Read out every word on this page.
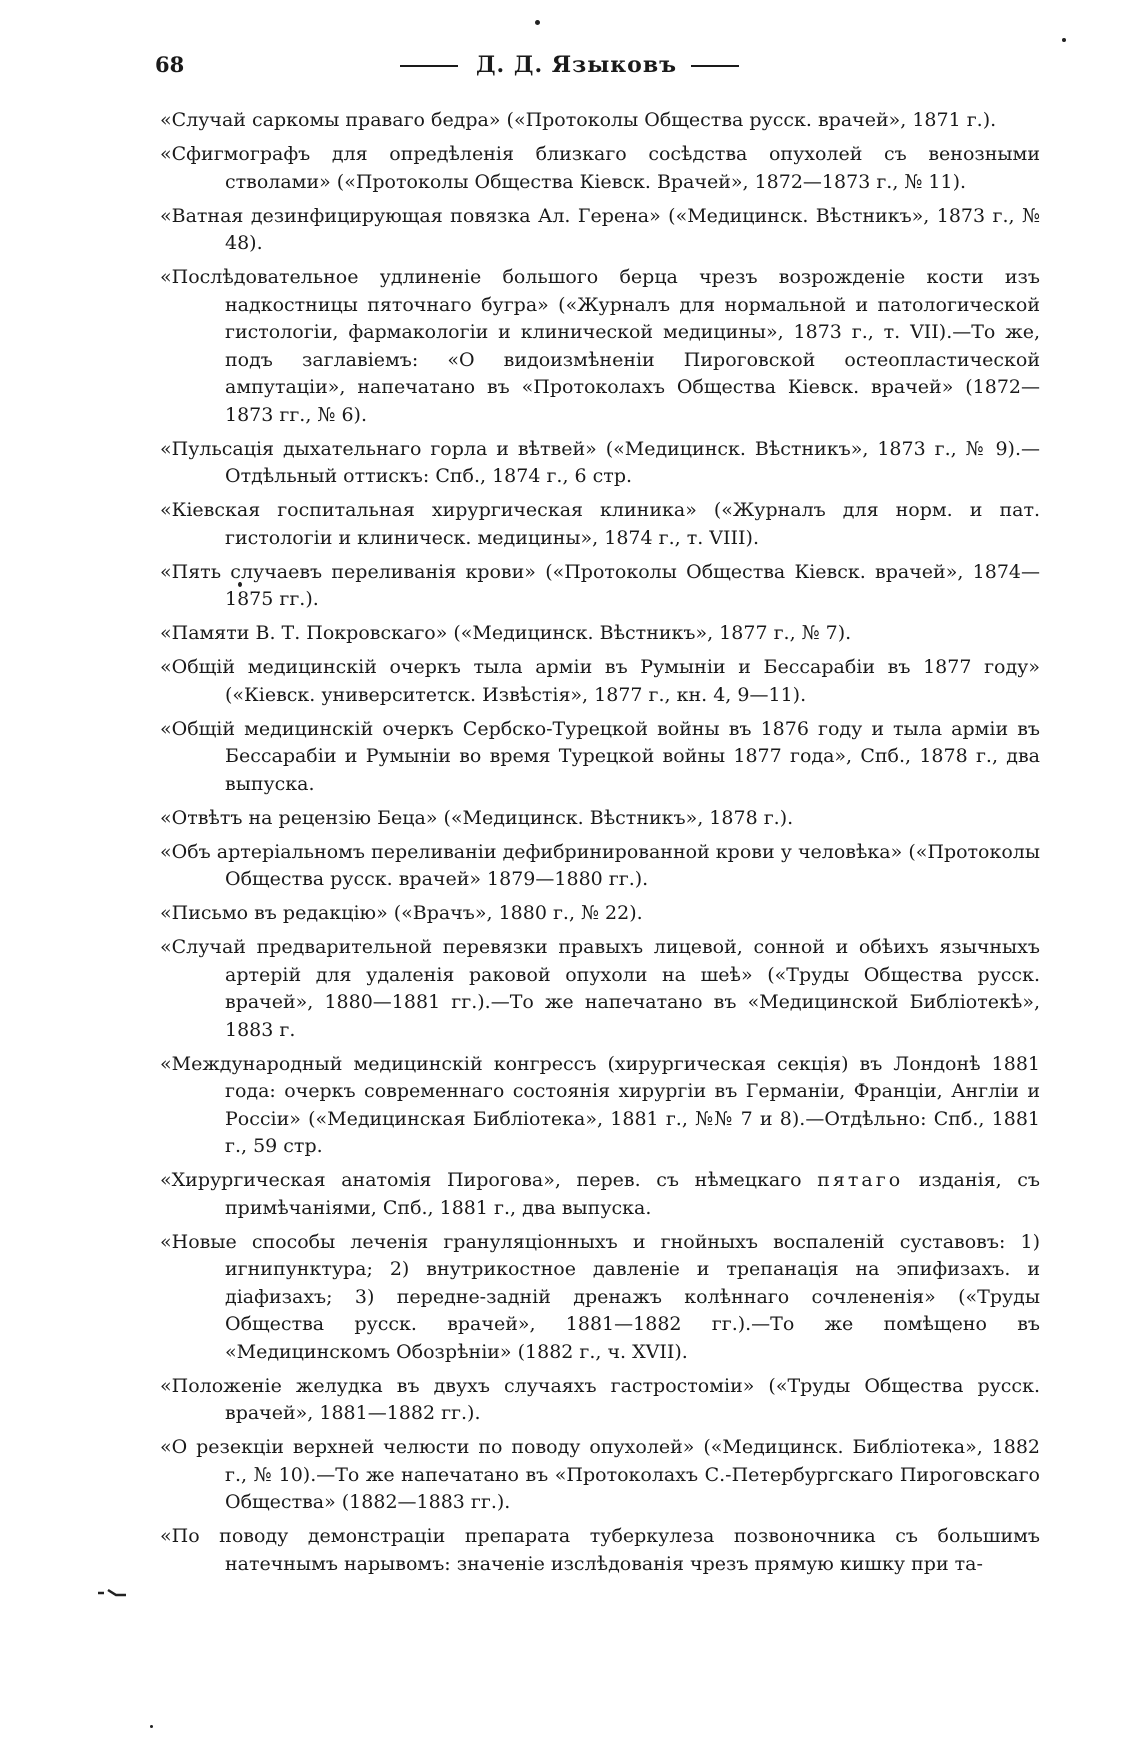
68	Д. Д. Языковъ
«Случай саркомы праваго бедра» («Протоколы Общества русск. врачей», 1871 г.).
«Сфигмографъ для опредѣленія близкаго сосѣдства опухолей съ венозными стволами» («Протоколы Общества Кіевск. Врачей», 1872—1873 г., № 11).
«Ватная дезинфицирующая повязка Ал. Герена» («Медицинск. Вѣстникъ», 1873 г., № 48).
«Послѣдовательное удлиненіе большого берца чрезъ возрожденіе кости изъ надкостницы пяточнаго бугра» («Журналъ для нормальной и патологической гистологіи, фармакологіи и клинической медицины», 1873 г., т. VII).—То же, подъ заглавіемъ: «О видоизмѣненіи Пироговской остеопластической ампутаціи», напечатано въ «Протоколахъ Общества Кіевск. врачей» (1872—1873 гг., № 6).
«Пульсація дыхательнаго горла и вѣтвей» («Медицинск. Вѣстникъ», 1873 г., № 9).—Отдѣльный оттискъ: Спб., 1874 г., 6 стр.
«Кіевская госпитальная хирургическая клиника» («Журналъ для норм. и пат. гистологіи и клиническ. медицины», 1874 г., т. VIII).
«Пять случаевъ переливанія крови» («Протоколы Общества Кіевск. врачей», 1874—1875 гг.).
«Памяти В. Т. Покровскаго» («Медицинск. Вѣстникъ», 1877 г., № 7).
«Общій медицинскій очеркъ тыла арміи въ Румыніи и Бессарабіи въ 1877 году» («Кіевск. университетск. Извѣстія», 1877 г., кн. 4, 9—11).
«Общій медицинскій очеркъ Сербско-Турецкой войны въ 1876 году и тыла арміи въ Бессарабіи и Румыніи во время Турецкой войны 1877 года», Спб., 1878 г., два выпуска.
«Отвѣтъ на рецензію Беца» («Медицинск. Вѣстникъ», 1878 г.).
«Объ артеріальномъ переливаніи дефибринированной крови у человѣка» («Протоколы Общества русск. врачей» 1879—1880 гг.).
«Письмо въ редакцію» («Врачъ», 1880 г., № 22).
«Случай предварительной перевязки правыхъ лицевой, сонной и обѣихъ язычныхъ артерій для удаленія раковой опухоли на шеѣ» («Труды Общества русск. врачей», 1880—1881 гг.).—То же напечатано въ «Медицинской Библіотекѣ», 1883 г.
«Международный медицинскій конгрессъ (хирургическая секція) въ Лондонѣ 1881 года: очеркъ современнаго состоянія хирургіи въ Германіи, Франціи, Англіи и Россіи» («Медицинская Библіотека», 1881 г., №№ 7 и 8).—Отдѣльно: Спб., 1881 г., 59 стр.
«Хирургическая анатомія Пирогова», перев. съ нѣмецкаго пятаго изданія, съ примѣчаніями, Спб., 1881 г., два выпуска.
«Новые способы леченія грануляціонныхъ и гнойныхъ воспаленій суставовъ: 1) игнипунктура; 2) внутрикостное давленіе и трепанація на эпифизахъ. и діафизахъ; 3) передне-задній дренажъ колѣннаго сочлененія» («Труды Общества русск. врачей», 1881—1882 гг.).—То же помѣщено въ «Медицинскомъ Обозрѣніи» (1882 г., ч. XVII).
«Положеніе желудка въ двухъ случаяхъ гастростоміи» («Труды Общества русск. врачей», 1881—1882 гг.).
«О резекціи верхней челюсти по поводу опухолей» («Медицинск. Библіотека», 1882 г., № 10).—То же напечатано въ «Протоколахъ С.-Петербургскаго Пироговскаго Общества» (1882—1883 гг.).
«По поводу демонстраціи препарата туберкулеза позвоночника съ большимъ натечнымъ нарывомъ: значеніе изслѣдованія чрезъ прямую кишку при та-
